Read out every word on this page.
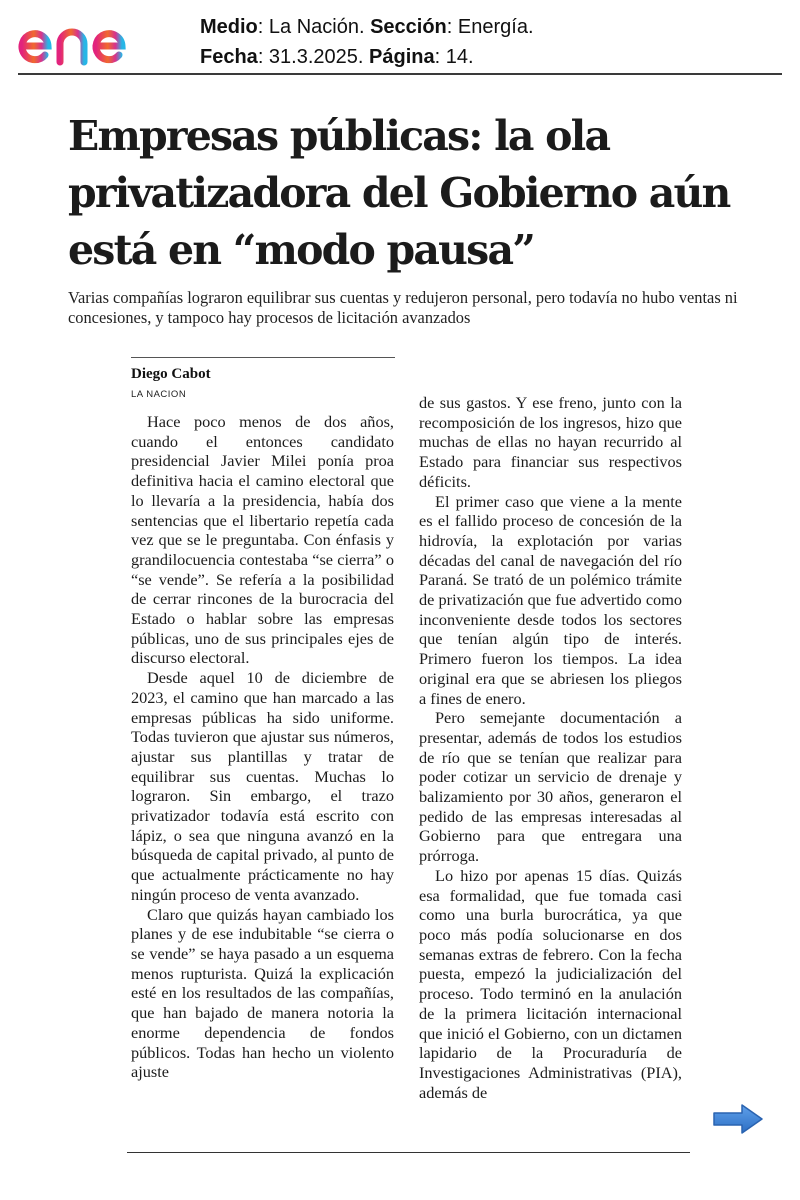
Medio: La Nación. Sección: Energía.
Fecha: 31.3.2025. Página: 14.
Empresas públicas: la ola privatizadora del Gobierno aún está en “modo pausa”

Varias compañías lograron equilibrar sus cuentas y redujeron personal, pero todavía no hubo ventas ni concesiones, y tampoco hay procesos de licitación avanzados

Diego Cabot
LA NACION

Hace poco menos de dos años, cuando el entonces candidato presidencial Javier Milei ponía proa definitiva hacia el camino electoral que lo llevaría a la presidencia, había dos sentencias que el libertario repetía cada vez que se le preguntaba. Con énfasis y grandilocuencia contestaba “se cierra” o “se vende”. Se refería a la posibilidad de cerrar rincones de la burocracia del Estado o hablar sobre las empresas públicas, uno de sus principales ejes de discurso electoral.

Desde aquel 10 de diciembre de 2023, el camino que han marcado a las empresas públicas ha sido uniforme. Todas tuvieron que ajustar sus números, ajustar sus plantillas y tratar de equilibrar sus cuentas. Muchas lo lograron. Sin embargo, el trazo privatizador todavía está escrito con lápiz, o sea que ninguna avanzó en la búsqueda de capital privado, al punto de que actualmente prácticamente no hay ningún proceso de venta avanzado.

Claro que quizás hayan cambiado los planes y de ese indubitable “se cierra o se vende” se haya pasado a un esquema menos rupturista. Quizá la explicación esté en los resultados de las compañías, que han bajado de manera notoria la enorme dependencia de fondos públicos. Todas han hecho un violento ajuste

de sus gastos. Y ese freno, junto con la recomposición de los ingresos, hizo que muchas de ellas no hayan recurrido al Estado para financiar sus respectivos déficits.

El primer caso que viene a la mente es el fallido proceso de concesión de la hidrovía, la explotación por varias décadas del canal de navegación del río Paraná. Se trató de un polémico trámite de privatización que fue advertido como inconveniente desde todos los sectores que tenían algún tipo de interés. Primero fueron los tiempos. La idea original era que se abriesen los pliegos a fines de enero.

Pero semejante documentación a presentar, además de todos los estudios de río que se tenían que realizar para poder cotizar un servicio de drenaje y balizamiento por 30 años, generaron el pedido de las empresas interesadas al Gobierno para que entregara una prórroga.

Lo hizo por apenas 15 días. Quizás esa formalidad, que fue tomada casi como una burla burocrática, ya que poco más podía solucionarse en dos semanas extras de febrero. Con la fecha puesta, empezó la judicialización del proceso. Todo terminó en la anulación de la primera licitación internacional que inició el Gobierno, con un dictamen lapidario de la Procuraduría de Investigaciones Administrativas (PIA), además de
